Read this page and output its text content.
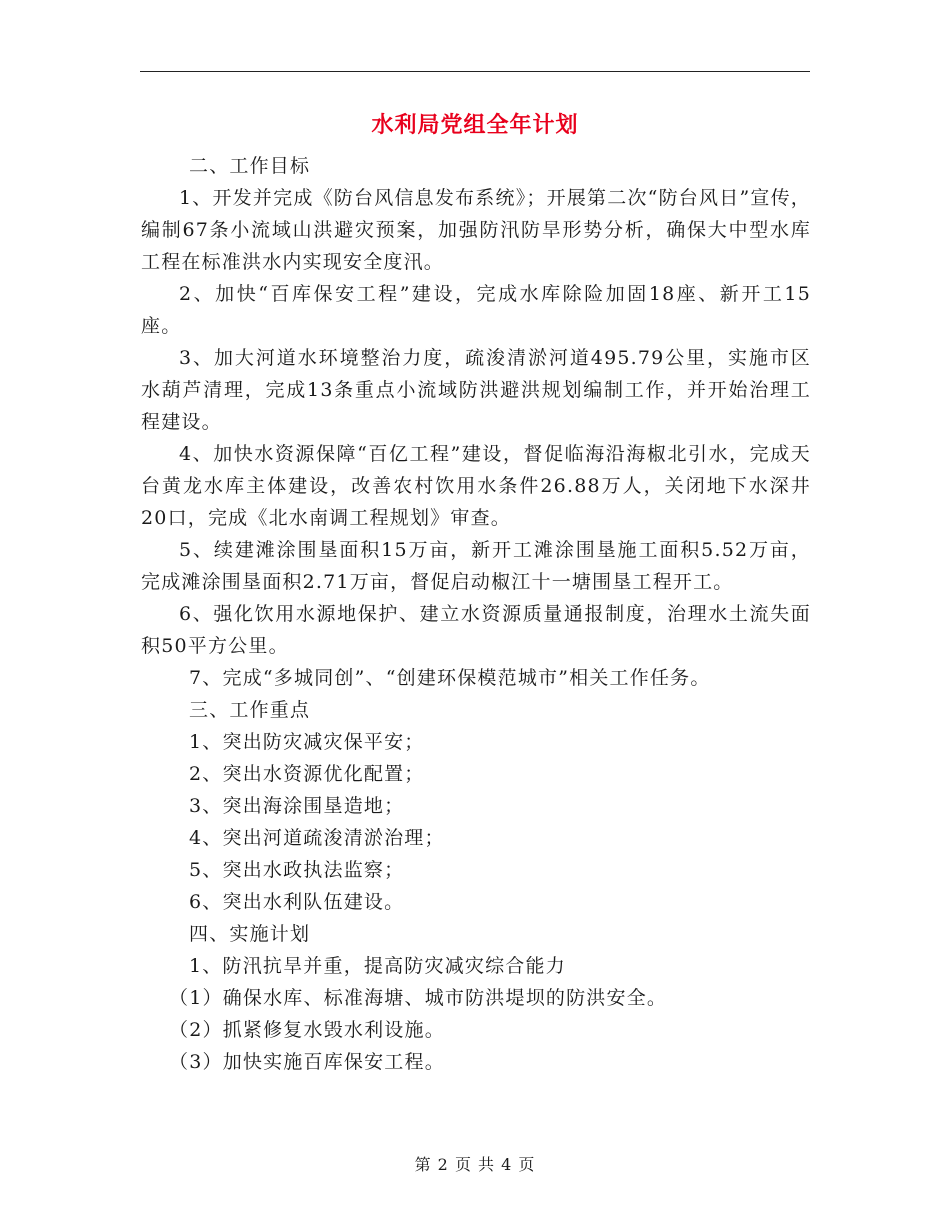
水利局党组全年计划

二、工作目标

1、开发并完成《防台风信息发布系统》；开展第二次“防台风日”宣传，编制67条小流域山洪避灾预案，加强防汛防旱形势分析，确保大中型水库工程在标准洪水内实现安全度汛。

2、加快“百库保安工程”建设，完成水库除险加固18座、新开工15座。

3、加大河道水环境整治力度，疏浚清淤河道495.79公里，实施市区水葫芦清理，完成13条重点小流域防洪避洪规划编制工作，并开始治理工程建设。

4、加快水资源保障“百亿工程”建设，督促临海沿海椒北引水，完成天台黄龙水库主体建设，改善农村饮用水条件26.88万人，关闭地下水深井20口，完成《北水南调工程规划》审查。

5、续建滩涂围垦面积15万亩，新开工滩涂围垦施工面积5.52万亩，完成滩涂围垦面积2.71万亩，督促启动椒江十一塘围垦工程开工。

6、强化饮用水源地保护、建立水资源质量通报制度，治理水土流失面积50平方公里。

7、完成“多城同创”、“创建环保模范城市”相关工作任务。

三、工作重点

1、突出防灾减灾保平安；

2、突出水资源优化配置；

3、突出海涂围垦造地；

4、突出河道疏浚清淤治理；

5、突出水政执法监察；

6、突出水利队伍建设。

四、实施计划

1、防汛抗旱并重，提高防灾减灾综合能力

（1）确保水库、标准海塘、城市防洪堤坝的防洪安全。

（2）抓紧修复水毁水利设施。

（3）加快实施百库保安工程。

第 2 页 共 4 页
